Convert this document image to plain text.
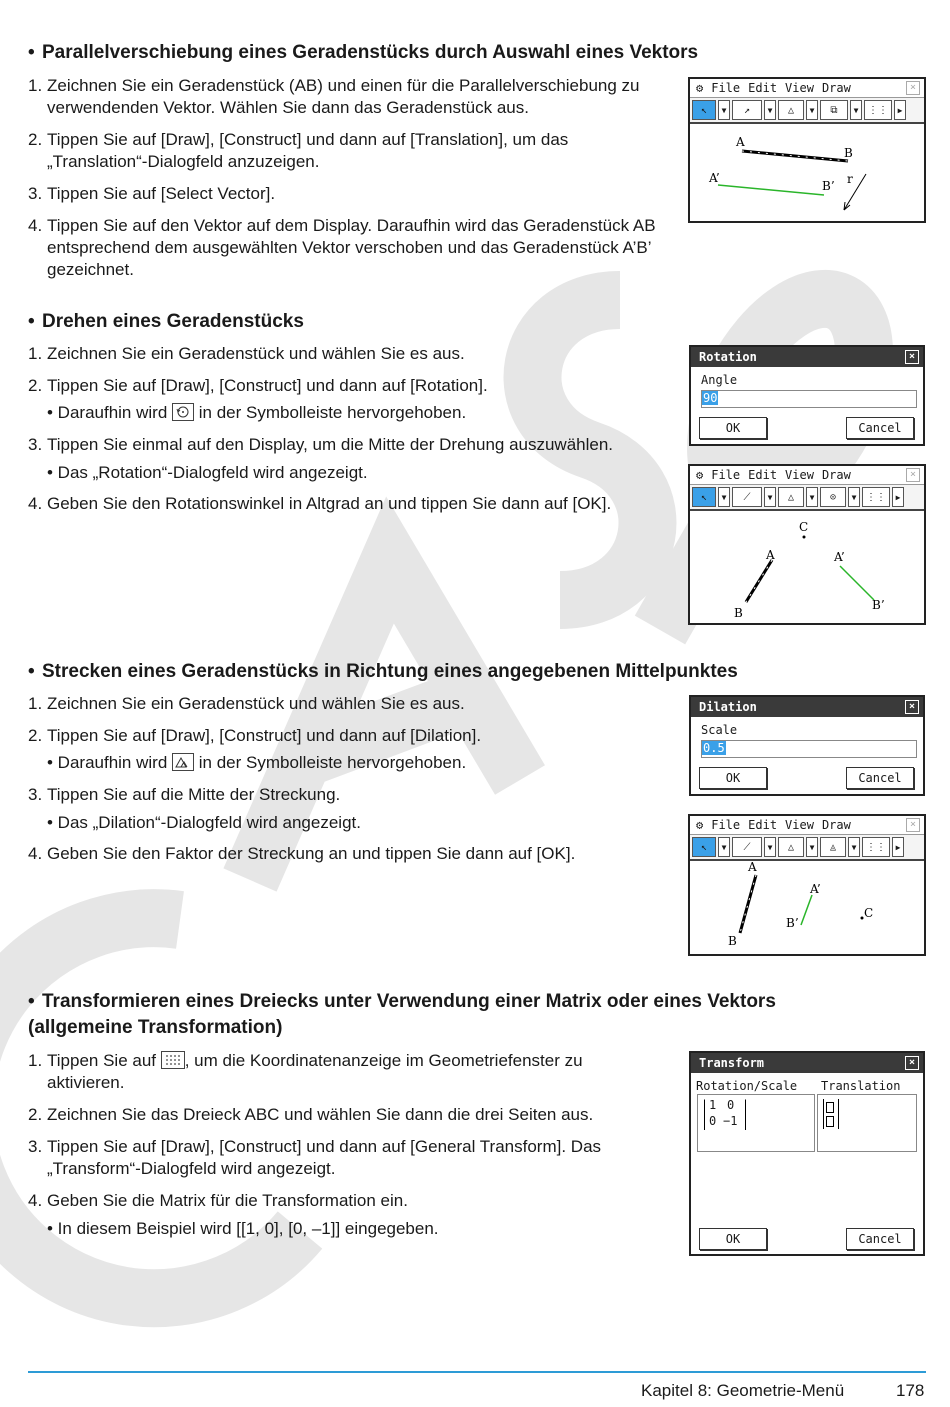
• Parallelverschiebung eines Geradenstücks durch Auswahl eines Vektors
1. Zeichnen Sie ein Geradenstück (AB) und einen für die Parallelverschiebung zu verwendenden Vektor. Wählen Sie dann das Geradenstück aus.
2. Tippen Sie auf [Draw], [Construct] und dann auf [Translation], um das „Translation“-Dialogfeld anzuzeigen.
3. Tippen Sie auf [Select Vector].
4. Tippen Sie auf den Vektor auf dem Display. Daraufhin wird das Geradenstück AB entsprechend dem ausgewählten Vektor verschoben und das Geradenstück A’B’ gezeichnet.
⚙ File Edit View Draw	×
↖	▼	↗	▼	△	▼	⧉	▼ ⋮⋮	▶
A
B
A’
B’ r
• Drehen eines Geradenstücks
1. Zeichnen Sie ein Geradenstück und wählen Sie es aus.
2. Tippen Sie auf [Draw], [Construct] und dann auf [Rotation].
• Daraufhin wird in der Symbolleiste hervorgehoben.
3. Tippen Sie einmal auf den Display, um die Mitte der Drehung auszuwählen.
• Das „Rotation“-Dialogfeld wird angezeigt.
4. Geben Sie den Rotationswinkel in Altgrad an und tippen Sie dann auf [OK].
Rotation	×
Angle
90
OK	Cancel
⚙ File Edit View Draw	×
↖	▼	⟋	▼	△	▼	⊙	▼ ⋮⋮	▶
C
A
B
A’
B’
• Strecken eines Geradenstücks in Richtung eines angegebenen Mittelpunktes
1. Zeichnen Sie ein Geradenstück und wählen Sie es aus.
2. Tippen Sie auf [Draw], [Construct] und dann auf [Dilation].
• Daraufhin wird in der Symbolleiste hervorgehoben.
3. Tippen Sie auf die Mitte der Streckung.
• Das „Dilation“-Dialogfeld wird angezeigt.
4. Geben Sie den Faktor der Streckung an und tippen Sie dann auf [OK].
Dilation	×
Scale
0.5
OK	Cancel
⚙ File Edit View Draw	×
↖	▼	⟋	▼	△	▼	◬	▼ ⋮⋮	▶
A
B
A’
B’
C
• Transformieren eines Dreiecks unter Verwendung einer Matrix oder eines Vektors (allgemeine Transformation)
1. Tippen Sie auf , um die Koordinatenanzeige im Geometriefenster zu aktivieren.
2. Zeichnen Sie das Dreieck ABC und wählen Sie dann die drei Seiten aus.
3. Tippen Sie auf [Draw], [Construct] und dann auf [General Transform]. Das „Transform“-Dialogfeld wird angezeigt.
4. Geben Sie die Matrix für die Transformation ein.
• In diesem Beispiel wird [[1, 0], [0, –1]] eingegeben.
Transform	×
Rotation/Scale Translation
1 0
0 −1
OK	Cancel
Kapitel 8: Geometrie-Menü	178
